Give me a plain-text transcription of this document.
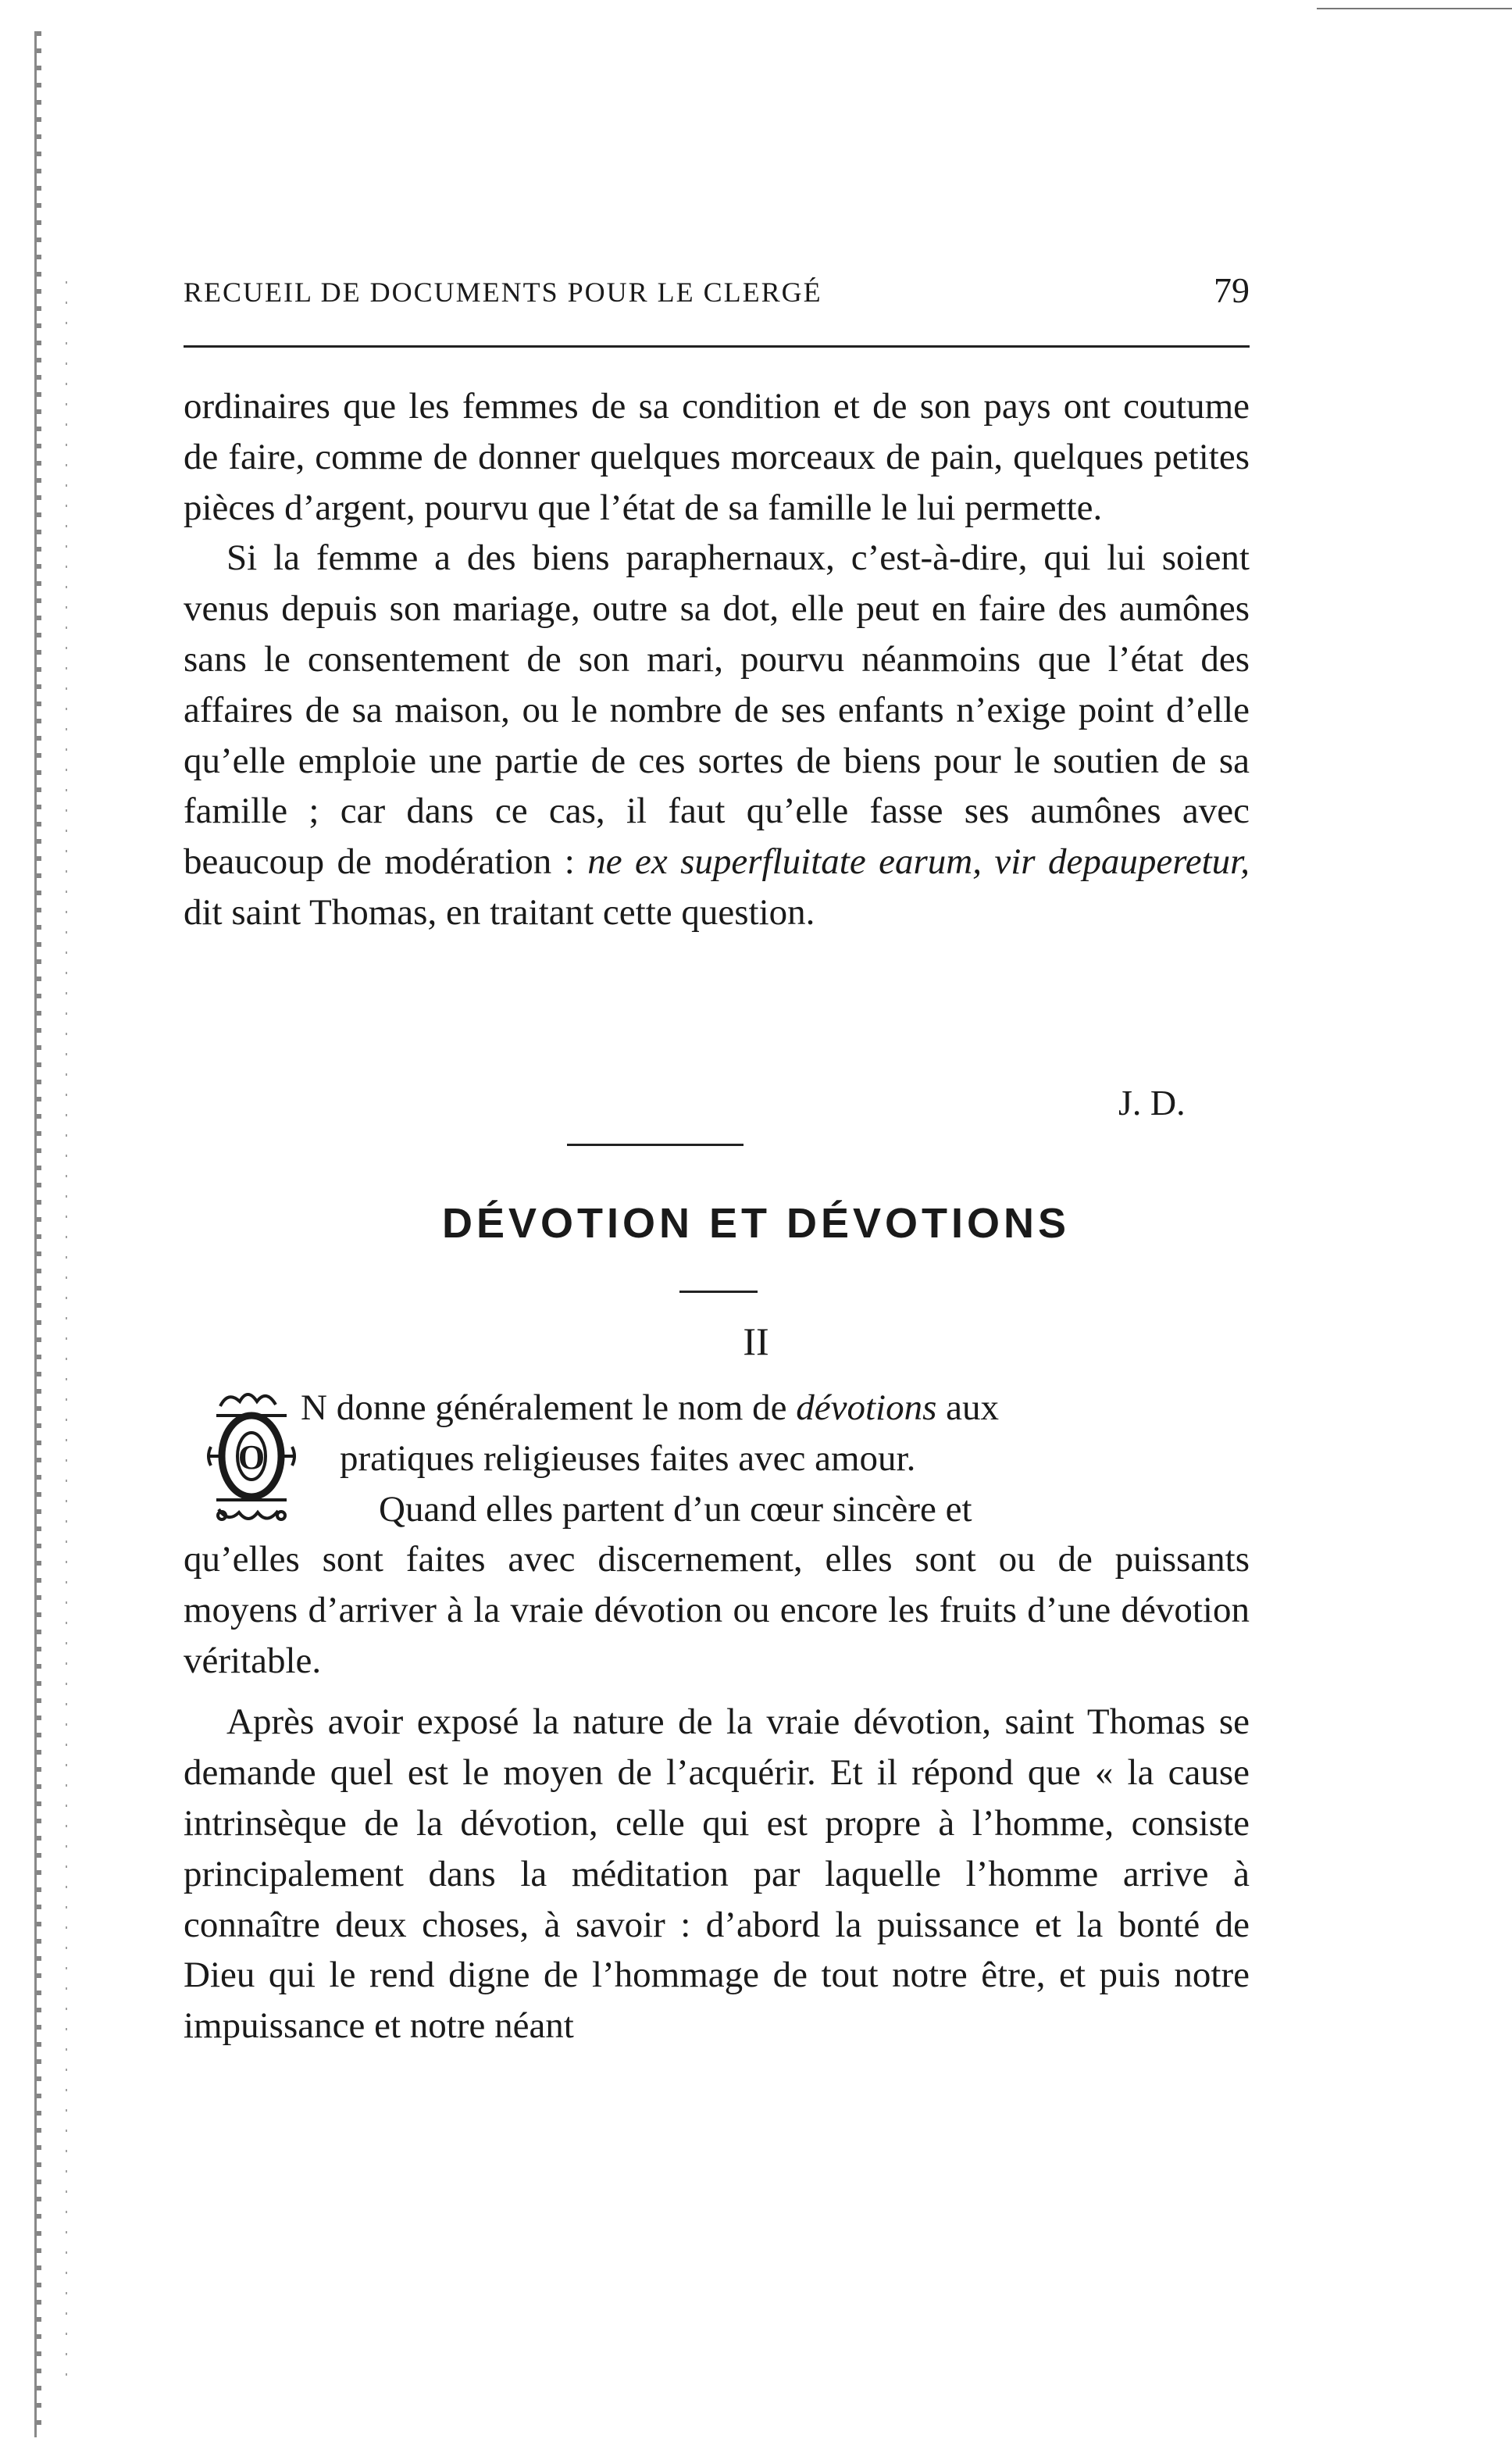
RECUEIL DE DOCUMENTS POUR LE CLERGÉ	79

ordinaires que les femmes de sa condition et de son pays ont coutume de faire, comme de donner quelques morceaux de pain, quelques petites pièces d’argent, pourvu que l’état de sa famille le lui permette.

Si la femme a des biens paraphernaux, c’est-à-dire, qui lui soient venus depuis son mariage, outre sa dot, elle peut en faire des aumônes sans le consentement de son mari, pourvu néanmoins que l’état des affaires de sa maison, ou le nombre de ses enfants n’exige point d’elle qu’elle emploie une partie de ces sortes de biens pour le soutien de sa famille ; car dans ce cas, il faut qu’elle fasse ses aumônes avec beaucoup de modération : ne ex superfluitate earum, vir depauperetur, dit saint Thomas, en traitant cette question.

J. D.
DÉVOTION ET DÉVOTIONS
II
O

N donne généralement le nom de dévotions aux

pratiques religieuses faites avec amour.

Quand elles partent d’un cœur sincère et

qu’elles sont faites avec discernement, elles sont ou de puissants moyens d’arriver à la vraie dévotion ou encore les fruits d’une dévotion véritable.

Après avoir exposé la nature de la vraie dévotion, saint Thomas se demande quel est le moyen de l’acquérir. Et il répond que « la cause intrinsèque de la dévotion, celle qui est propre à l’homme, consiste principalement dans la méditation par laquelle l’homme arrive à connaître deux choses, à savoir : d’abord la puissance et la bonté de Dieu qui le rend digne de l’hommage de tout notre être, et puis notre impuissance et notre néant
